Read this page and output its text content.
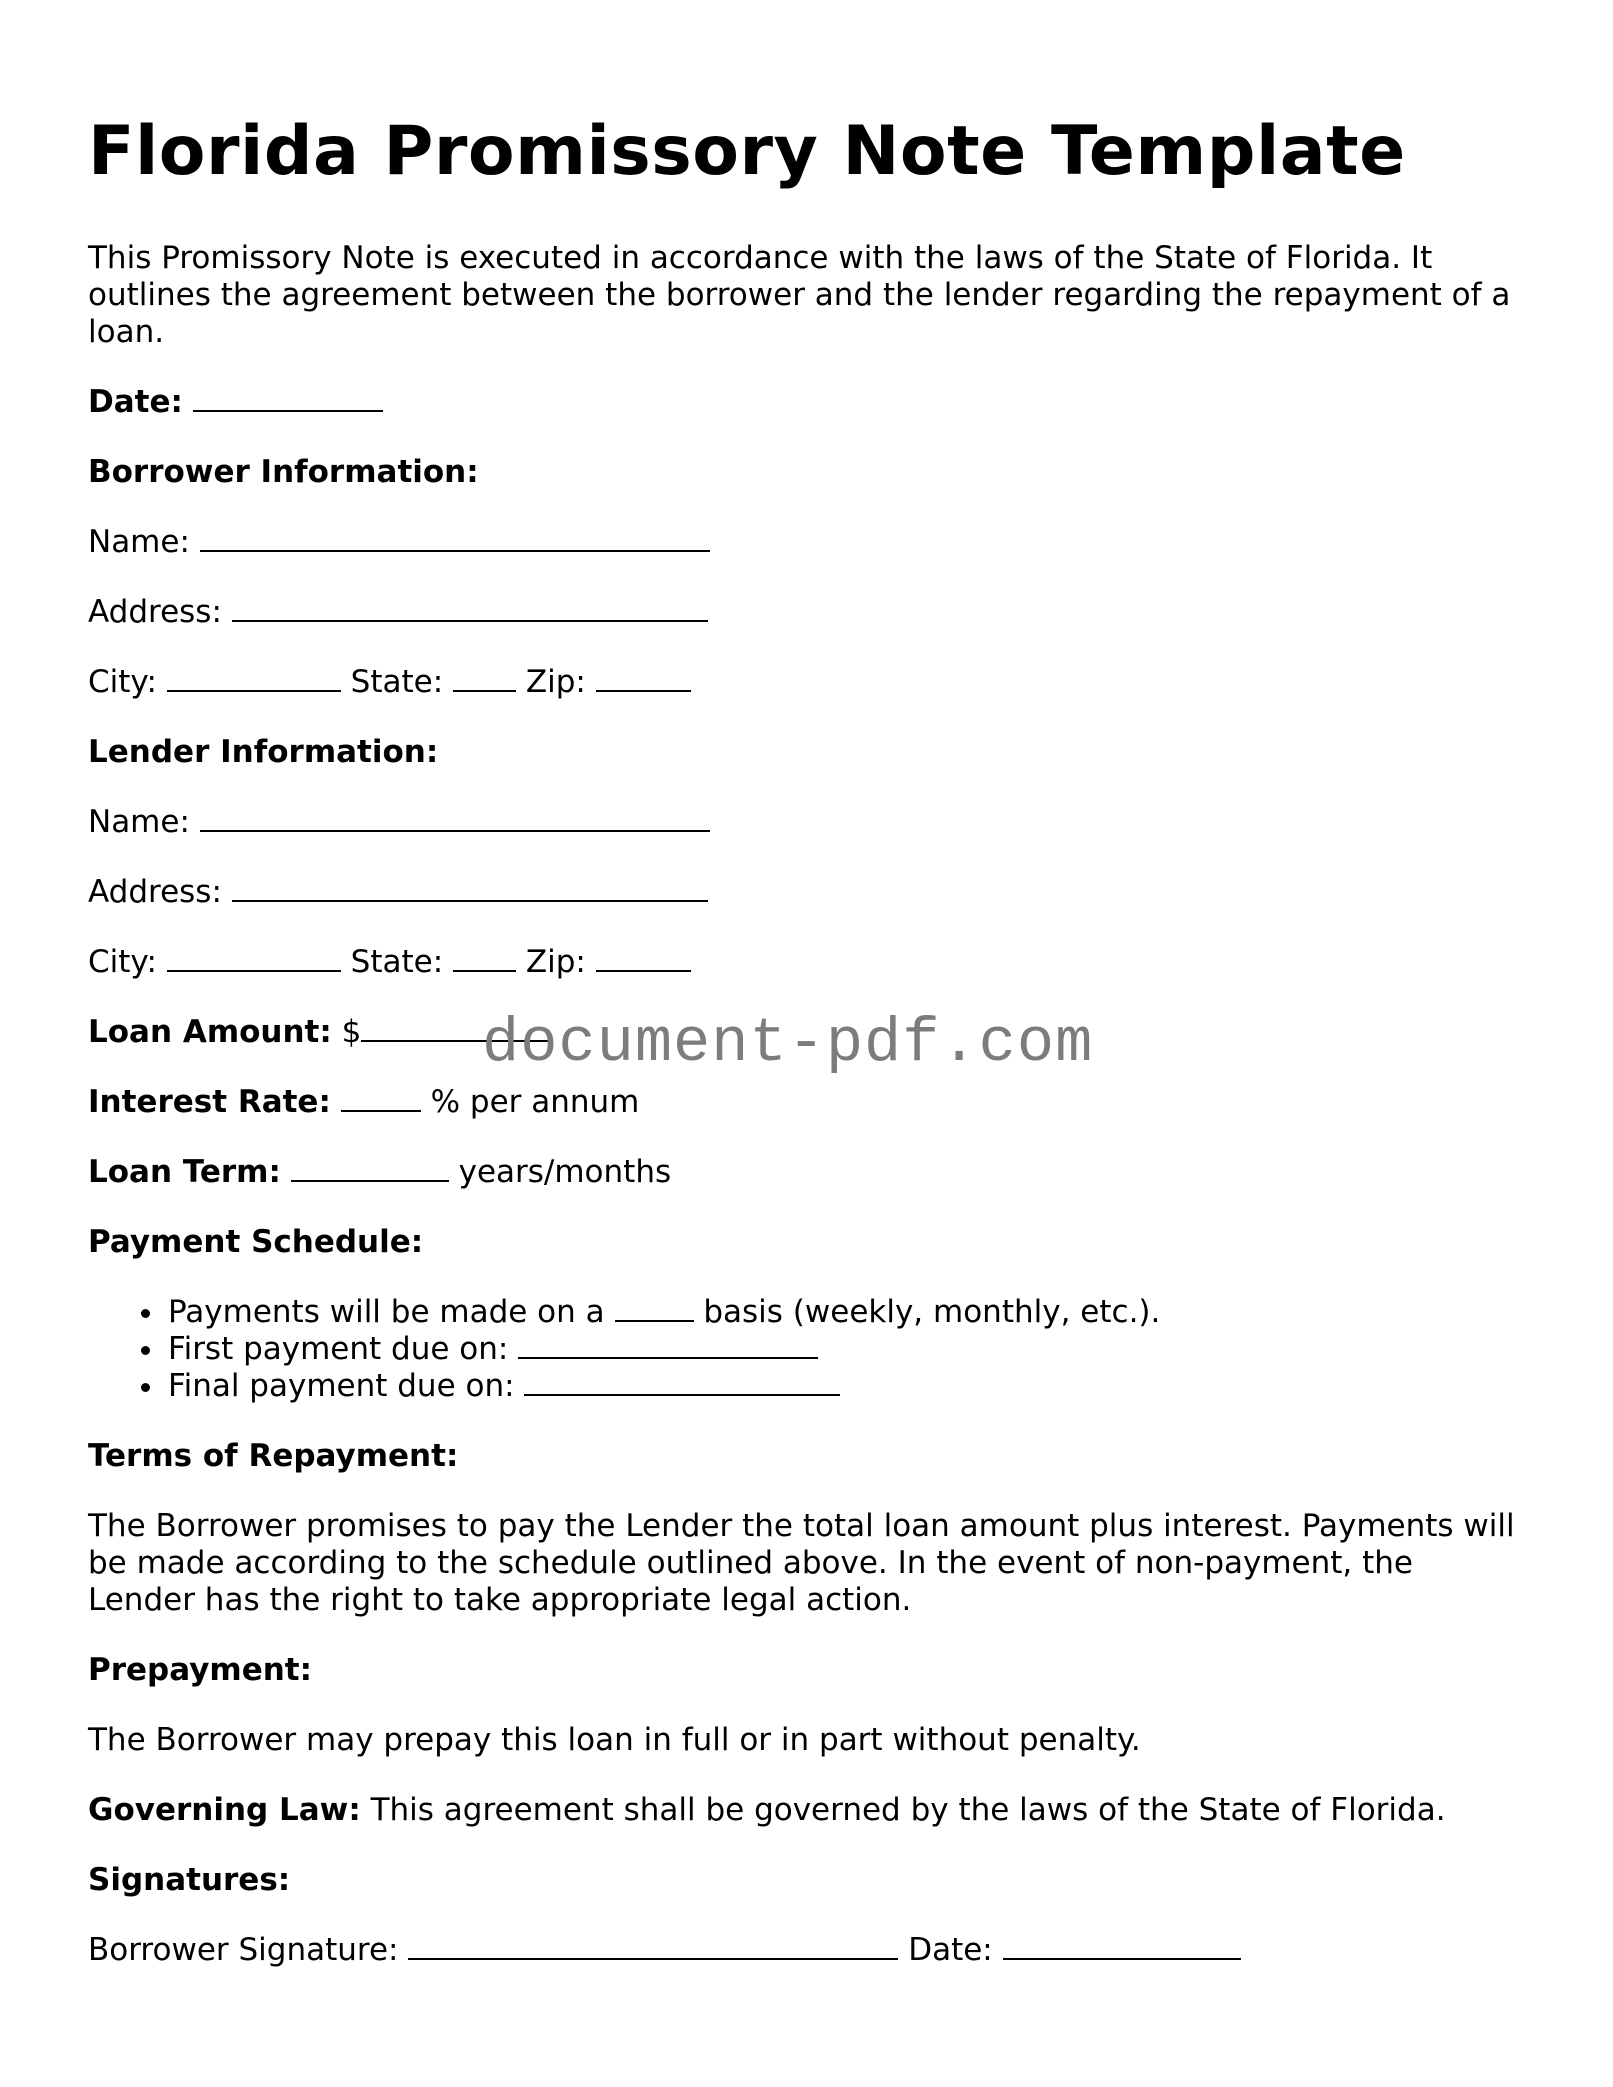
Florida Promissory Note Template

This Promissory Note is executed in accordance with the laws of the State of Florida. It outlines the agreement between the borrower and the lender regarding the repayment of a loan.

Date:

Borrower Information:

Name:

Address:

City:	State:	Zip:

Lender Information:

Name:

Address:

City:	State:	Zip:

Loan Amount: $

Interest Rate:	% per annum

Loan Term:	years/months

Payment Schedule:

• Payments will be made on a	basis (weekly, monthly, etc.).
• First payment due on:
• Final payment due on:

Terms of Repayment:

The Borrower promises to pay the Lender the total loan amount plus interest. Payments will be made according to the schedule outlined above. In the event of non-payment, the Lender has the right to take appropriate legal action.

Prepayment:

The Borrower may prepay this loan in full or in part without penalty.

Governing Law: This agreement shall be governed by the laws of the State of Florida.

Signatures:

Borrower Signature:	Date:

document-pdf.com
